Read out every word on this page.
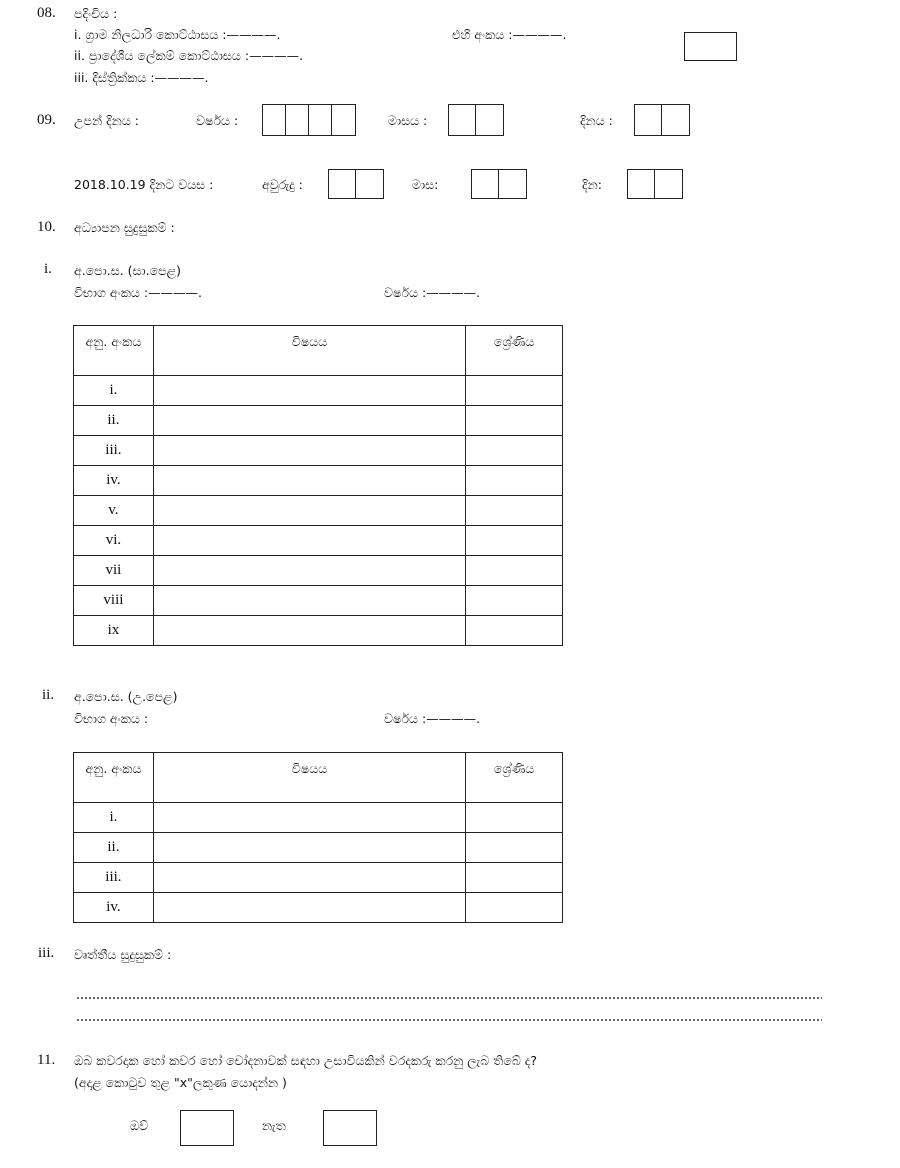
08. පදිංචිය :
i. ග්‍රාම නිලධාරි කොට්ඨාසය :————.	එහි අංකය :————.
ii. ප්‍රාදේශීය ලේකම් කොට්ඨාසය :————.
iii. දිස්ත්‍රික්කය :————.
09. උපන් දිනය :	වර්ෂය :	මාසය :	දිනය :
2018.10.19 දිනට වයස :	අවුරුදු :	මාස:	දින:
10. අධ්‍යාපන සුදුසුකම් :
i. අ.පො.ස. (සා.පෙළ)
විභාග අංකය :————.	වර්ෂය :————.
අනු. අංකය	විෂයය	ශ්‍රේණිය

i.		
ii.		
iii.		
iv.		
v.		
vi.		
vii		
viii		
ix		
ii. අ.පො.ස. (උ.පෙළ)
විභාග අංකය :	වර්ෂය :————.
අනු. අංකය	විෂයය	ශ්‍රේණිය

i.		
ii.		
iii.		
iv.		
iii. වෘත්තීය සුදුසුකම් :
11. ඔබ කවරදාක හෝ කවර හෝ චෝදනාවක් සඳහා උසාවියකින් වරදකරු කරනු ලැබ තිබේ ද?
(අදාළ කොටුව තුළ "x"ලකුණ යොදන්න )
ඔව්	නැත
